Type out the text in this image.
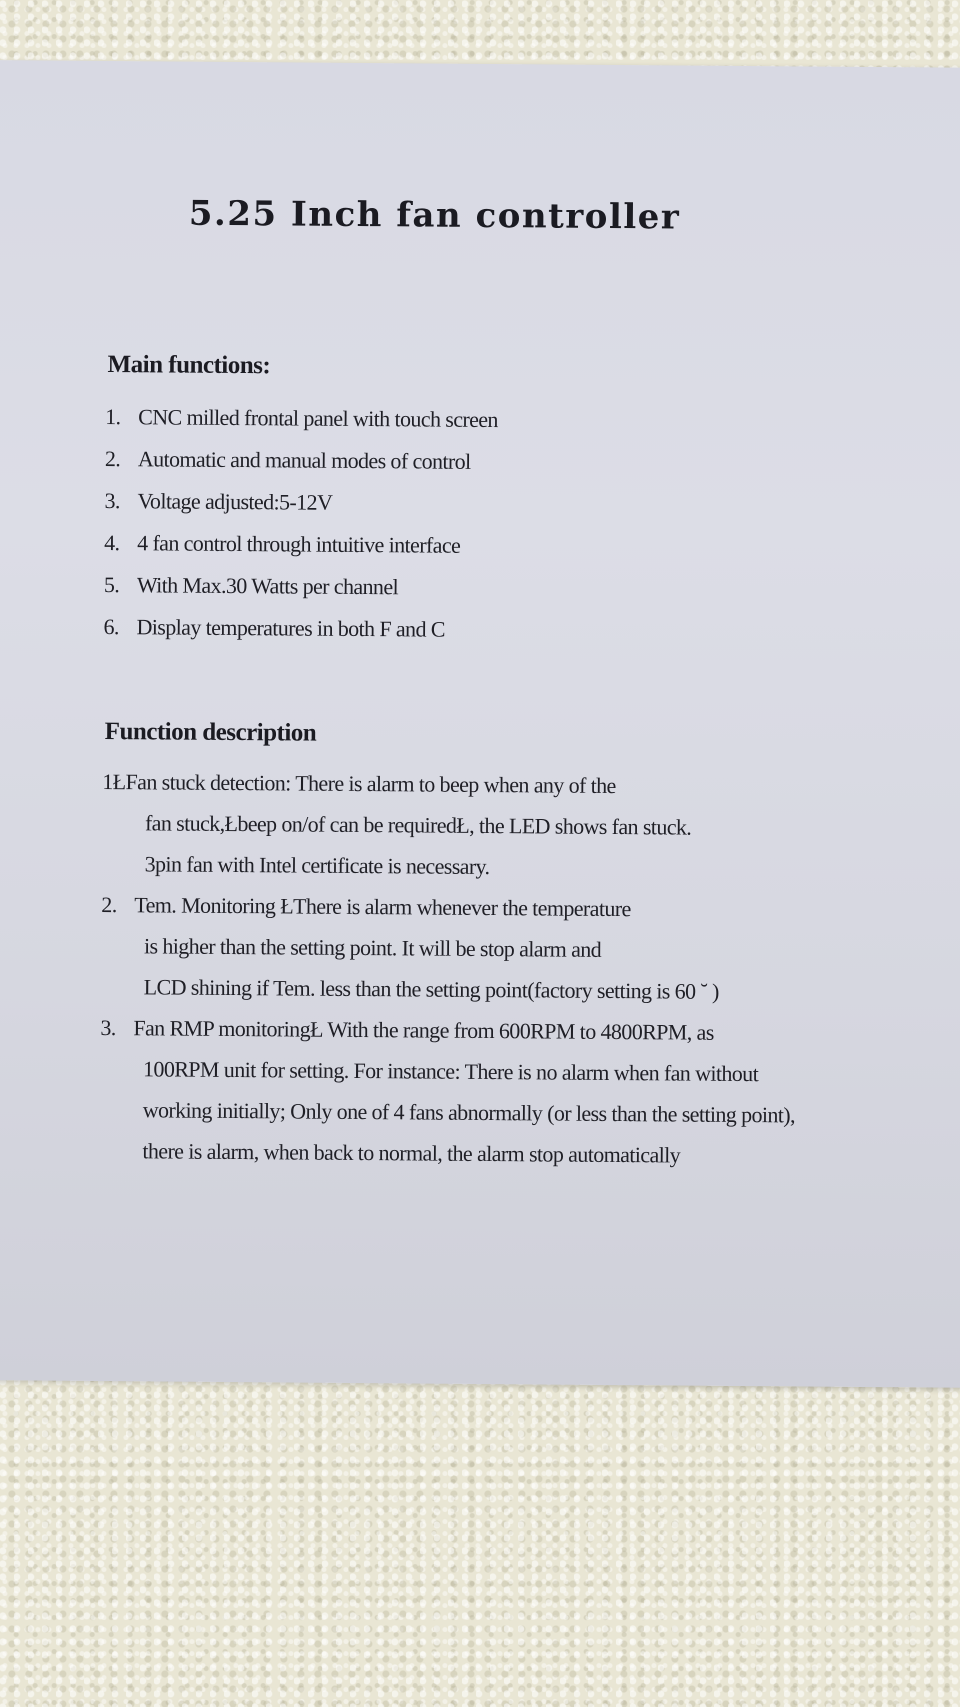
5.25 Inch fan controller
Main functions:
1. CNC milled frontal panel with touch screen
2. Automatic and manual modes of control
3. Voltage adjusted:5-12V
4. 4 fan control through intuitive interface
5. With Max.30 Watts per channel
6. Display temperatures in both F and C
Function description
1ŁFan stuck detection: There is alarm to beep when any of the
fan stuck,Łbeep on/of can be requiredŁ, the LED shows fan stuck.
3pin fan with Intel certificate is necessary.
2. Tem. Monitoring ŁThere is alarm whenever the temperature
is higher than the setting point. It will be stop alarm and
LCD shining if Tem. less than the setting point(factory setting is 60 ˘ )
3. Fan RMP monitoringŁ With the range from 600RPM to 4800RPM, as
100RPM unit for setting. For instance: There is no alarm when fan without
working initially; Only one of 4 fans abnormally (or less than the setting point),
there is alarm, when back to normal, the alarm stop automatically
